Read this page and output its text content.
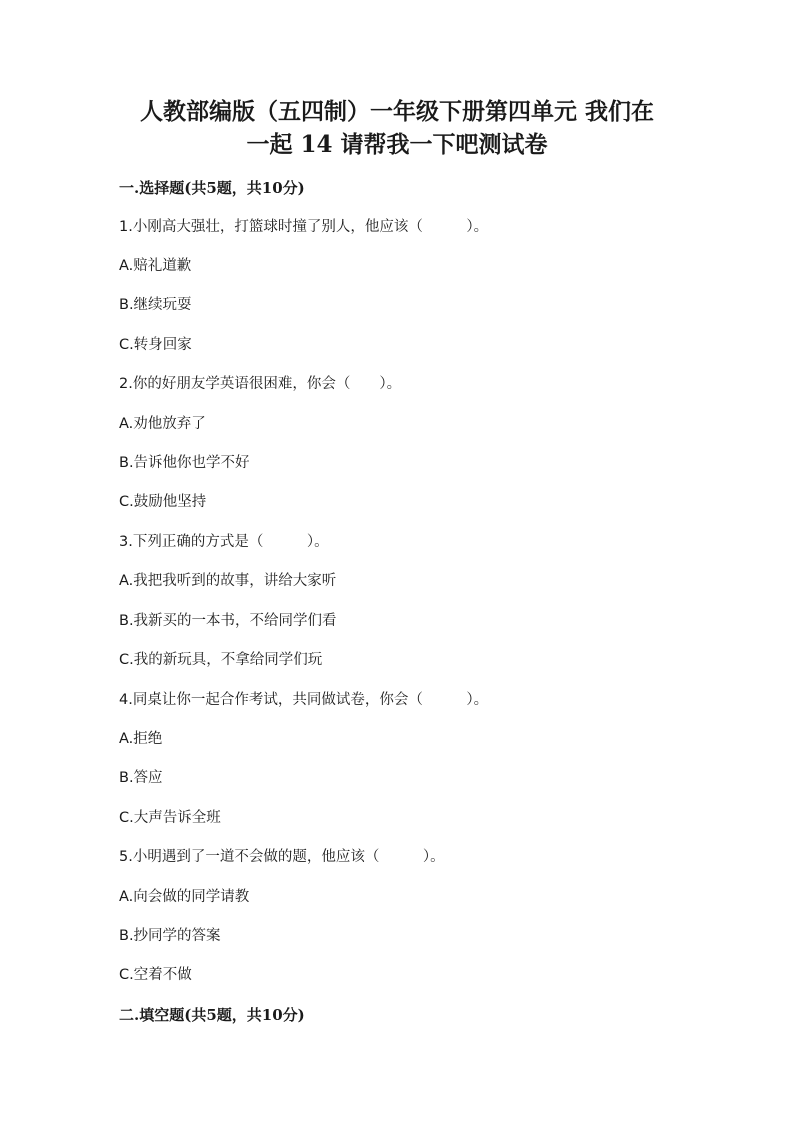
人教部编版（五四制）一年级下册第四单元 我们在
一起 14 请帮我一下吧测试卷
一.选择题(共5题，共10分)
1.小刚高大强壮，打篮球时撞了别人，他应该（　　　）。
A.赔礼道歉
B.继续玩耍
C.转身回家
2.你的好朋友学英语很困难，你会（　　）。
A.劝他放弃了
B.告诉他你也学不好
C.鼓励他坚持
3.下列正确的方式是（　　　）。
A.我把我听到的故事，讲给大家听
B.我新买的一本书，不给同学们看
C.我的新玩具，不拿给同学们玩
4.同桌让你一起合作考试，共同做试卷，你会（　　　）。
A.拒绝
B.答应
C.大声告诉全班
5.小明遇到了一道不会做的题，他应该（　　　）。
A.向会做的同学请教
B.抄同学的答案
C.空着不做
二.填空题(共5题，共10分)
